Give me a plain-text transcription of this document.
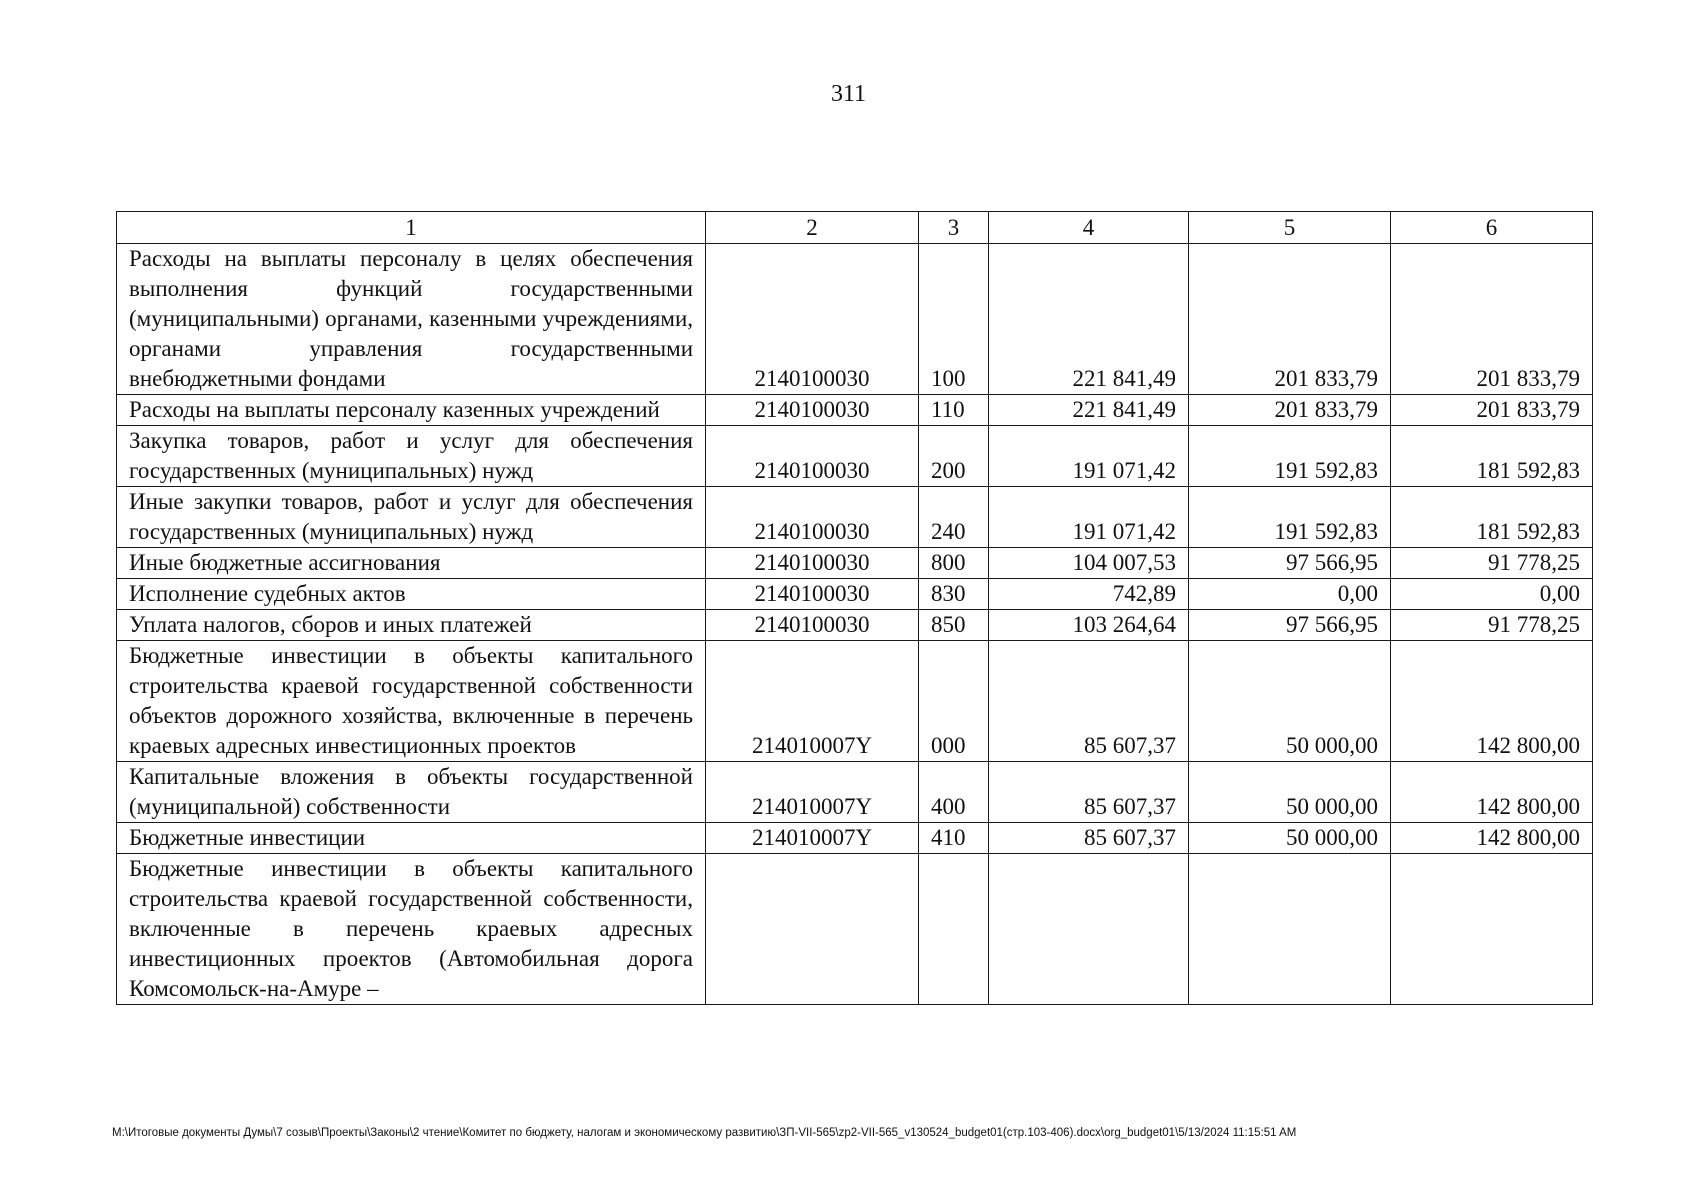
311
1	2	3	4	5	6
Расходы на выплаты персоналу в целях обеспечения выполнения функций государственными (муниципальными) органами, казенными учреждениями, органами управления государственными внебюджетными фондами	2140100030	100	221 841,49	201 833,79	201 833,79
Расходы на выплаты персоналу казенных учреждений	2140100030	110	221 841,49	201 833,79	201 833,79
Закупка товаров, работ и услуг для обеспечения государственных (муниципальных) нужд	2140100030	200	191 071,42	191 592,83	181 592,83
Иные закупки товаров, работ и услуг для обеспечения государственных (муниципальных) нужд	2140100030	240	191 071,42	191 592,83	181 592,83
Иные бюджетные ассигнования	2140100030	800	104 007,53	97 566,95	91 778,25
Исполнение судебных актов	2140100030	830	742,89	0,00	0,00
Уплата налогов, сборов и иных платежей	2140100030	850	103 264,64	97 566,95	91 778,25
Бюджетные инвестиции в объекты капитального строительства краевой государственной собственности объектов дорожного хозяйства, включенные в перечень краевых адресных инвестиционных проектов	214010007Y	000	85 607,37	50 000,00	142 800,00
Капитальные вложения в объекты государственной (муниципальной) собственности	214010007Y	400	85 607,37	50 000,00	142 800,00
Бюджетные инвестиции	214010007Y	410	85 607,37	50 000,00	142 800,00
Бюджетные инвестиции в объекты капитального строительства краевой государственной собственности, включенные в перечень краевых адресных инвестиционных проектов (Автомобильная дорога Комсомольск-на-Амуре –					
M:\Итоговые документы Думы\7 созыв\Проекты\Законы\2 чтение\Комитет по бюджету, налогам и экономическому развитию\ЗП-VII-565\zp2-VII-565_v130524_budget01(стр.103-406).docx\org_budget01\5/13/2024 11:15:51 AM
